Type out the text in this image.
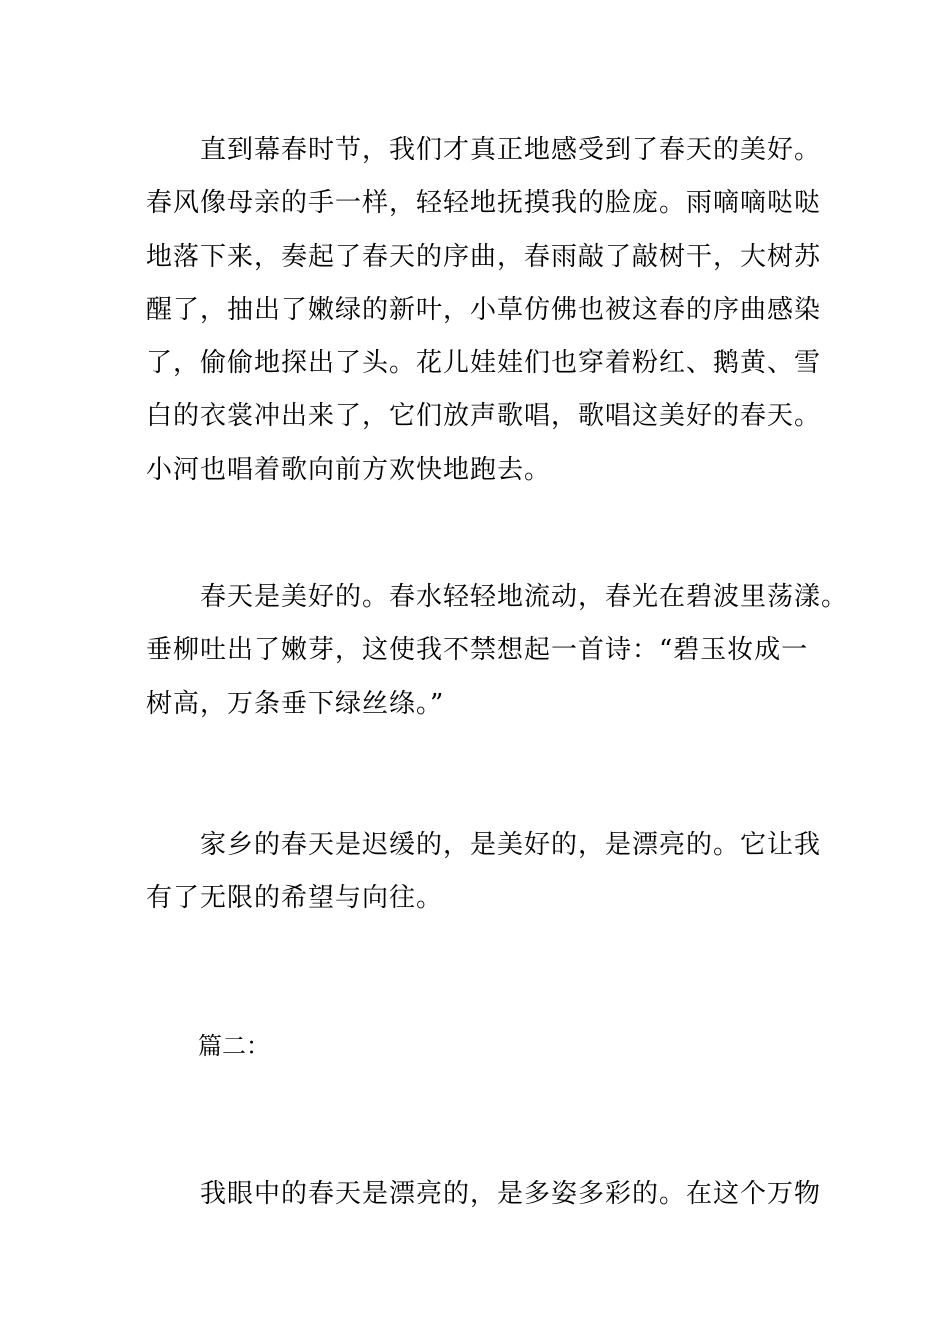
直到幕春时节，我们才真正地感受到了春天的美好。
春风像母亲的手一样，轻轻地抚摸我的脸庞。雨嘀嘀哒哒
地落下来，奏起了春天的序曲，春雨敲了敲树干，大树苏
醒了，抽出了嫩绿的新叶，小草仿佛也被这春的序曲感染
了，偷偷地探出了头。花儿娃娃们也穿着粉红、鹅黄、雪
白的衣裳冲出来了，它们放声歌唱，歌唱这美好的春天。
小河也唱着歌向前方欢快地跑去。

春天是美好的。春水轻轻地流动，春光在碧波里荡漾。
垂柳吐出了嫩芽，这使我不禁想起一首诗：“碧玉妆成一
树高，万条垂下绿丝绦。”

家乡的春天是迟缓的，是美好的，是漂亮的。它让我
有了无限的希望与向往。

篇二：

我眼中的春天是漂亮的，是多姿多彩的。在这个万物
